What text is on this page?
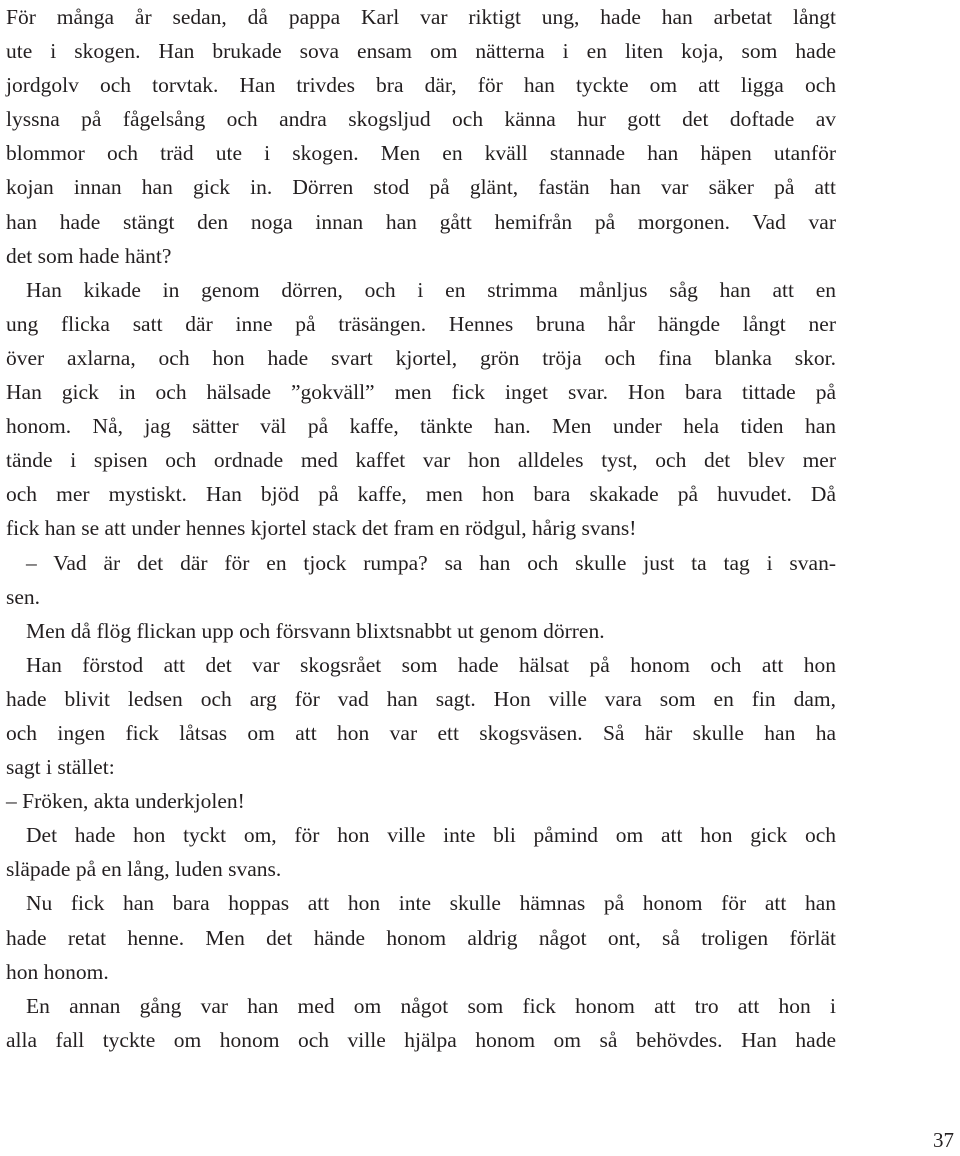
För många år sedan, då pappa Karl var riktigt ung, hade han arbetat långt
ute i skogen. Han brukade sova ensam om nätterna i en liten koja, som hade
jordgolv och torvtak. Han trivdes bra där, för han tyckte om att ligga och
lyssna på fågelsång och andra skogsljud och känna hur gott det doftade av
blommor och träd ute i skogen. Men en kväll stannade han häpen utanför
kojan innan han gick in. Dörren stod på glänt, fastän han var säker på att
han hade stängt den noga innan han gått hemifrån på morgonen. Vad var
det som hade hänt?
Han kikade in genom dörren, och i en strimma månljus såg han att en
ung flicka satt där inne på träsängen. Hennes bruna hår hängde långt ner
över axlarna, och hon hade svart kjortel, grön tröja och fina blanka skor.
Han gick in och hälsade ”gokväll” men fick inget svar. Hon bara tittade på
honom. Nå, jag sätter väl på kaffe, tänkte han. Men under hela tiden han
tände i spisen och ordnade med kaffet var hon alldeles tyst, och det blev mer
och mer mystiskt. Han bjöd på kaffe, men hon bara skakade på huvudet. Då
fick han se att under hennes kjortel stack det fram en rödgul, hårig svans!
– Vad är det där för en tjock rumpa? sa han och skulle just ta tag i svan-
sen.
Men då flög flickan upp och försvann blixtsnabbt ut genom dörren.
Han förstod att det var skogsrået som hade hälsat på honom och att hon
hade blivit ledsen och arg för vad han sagt. Hon ville vara som en fin dam,
och ingen fick låtsas om att hon var ett skogsväsen. Så här skulle han ha
sagt i stället:
– Fröken, akta underkjolen!
Det hade hon tyckt om, för hon ville inte bli påmind om att hon gick och
släpade på en lång, luden svans.
Nu fick han bara hoppas att hon inte skulle hämnas på honom för att han
hade retat henne. Men det hände honom aldrig något ont, så troligen förlät
hon honom.
En annan gång var han med om något som fick honom att tro att hon i
alla fall tyckte om honom och ville hjälpa honom om så behövdes. Han hade
37
